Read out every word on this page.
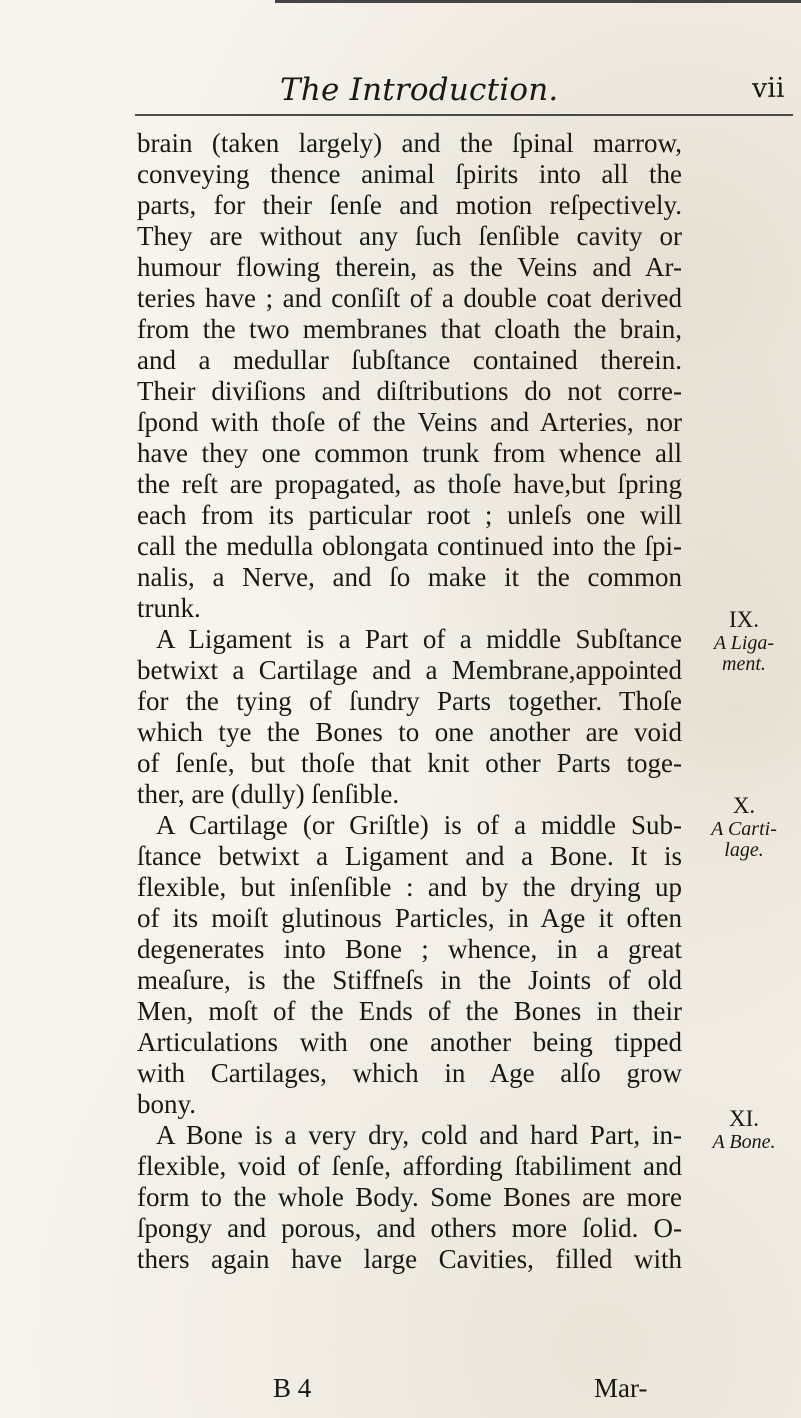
The Introduction.	vii
brain (taken largely) and the ſpinal marrow,
conveying thence animal ſpirits into all the
parts, for their ſenſe and motion reſpectively.
They are without any ſuch ſenſible cavity or
humour flowing therein, as the Veins and Ar-
teries have ; and conſiſt of a double coat derived
from the two membranes that cloath the brain,
and a medullar ſubſtance contained therein.
Their diviſions and diſtributions do not corre-
ſpond with thoſe of the Veins and Arteries, nor
have they one common trunk from whence all
the reſt are propagated, as thoſe have,but ſpring
each from its particular root ; unleſs one will
call the medulla oblongata continued into the ſpi-
nalis, a Nerve, and ſo make it the common
trunk.
A Ligament is a Part of a middle Subſtance
betwixt a Cartilage and a Membrane,appointed
for the tying of ſundry Parts together. Thoſe
which tye the Bones to one another are void
of ſenſe, but thoſe that knit other Parts toge-
ther, are (dully) ſenſible.
A Cartilage (or Griſtle) is of a middle Sub-
ſtance betwixt a Ligament and a Bone. It is
flexible, but inſenſible : and by the drying up
of its moiſt glutinous Particles, in Age it often
degenerates into Bone ; whence, in a great
meaſure, is the Stiffneſs in the Joints of old
Men, moſt of the Ends of the Bones in their
Articulations with one another being tipped
with Cartilages, which in Age alſo grow
bony.
A Bone is a very dry, cold and hard Part, in-
flexible, void of ſenſe, affording ſtabiliment and
form to the whole Body. Some Bones are more
ſpongy and porous, and others more ſolid. O-
thers again have large Cavities, filled with
IX.
A Liga-
ment.
X.
A Carti-
lage.
XI.
A Bone.
B 4	Mar-
